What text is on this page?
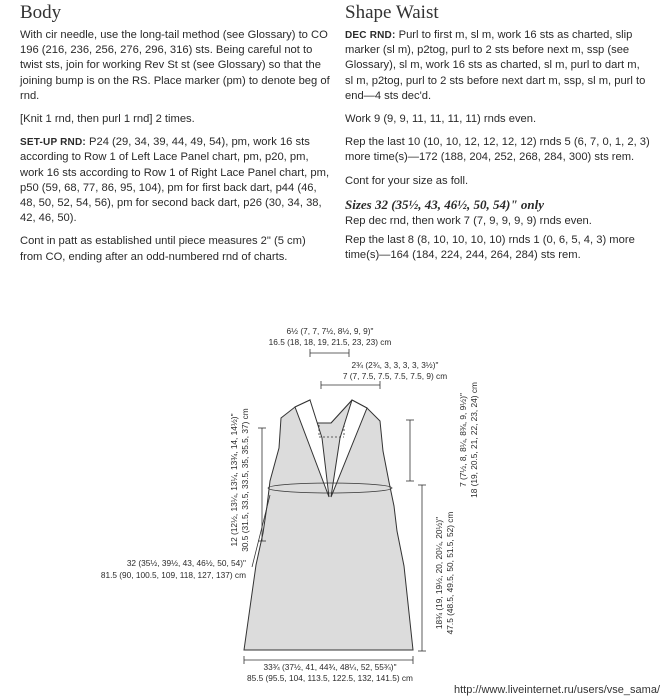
Body

With cir needle, use the long-tail method (see Glossary) to CO 196 (216, 236, 256, 276, 296, 316) sts. Being careful not to twist sts, join for working Rev St st (see Glossary) so that the joining bump is on the RS. Place marker (pm) to denote beg of rnd.

[Knit 1 rnd, then purl 1 rnd] 2 times.

SET-UP RND: P24 (29, 34, 39, 44, 49, 54), pm, work 16 sts according to Row 1 of Left Lace Panel chart, pm, p20, pm, work 16 sts according to Row 1 of Right Lace Panel chart, pm, p50 (59, 68, 77, 86, 95, 104), pm for first back dart, p44 (46, 48, 50, 52, 54, 56), pm for second back dart, p26 (30, 34, 38, 42, 46, 50).

Cont in patt as established until piece measures 2" (5 cm) from CO, ending after an odd-numbered rnd of charts.

Shape Waist

DEC RND: Purl to first m, sl m, work 16 sts as charted, slip marker (sl m), p2tog, purl to 2 sts before next m, ssp (see Glossary), sl m, work 16 sts as charted, sl m, purl to dart m, sl m, p2tog, purl to 2 sts before next dart m, ssp, sl m, purl to end—4 sts dec'd.

Work 9 (9, 9, 11, 11, 11, 11) rnds even.

Rep the last 10 (10, 10, 12, 12, 12, 12) rnds 5 (6, 7, 0, 1, 2, 3) more time(s)—172 (188, 204, 252, 268, 284, 300) sts rem.

Cont for your size as foll.

Sizes 32 (35½, 43, 46½, 50, 54)" only

Rep dec rnd, then work 7 (7, 9, 9, 9, 9) rnds even.

Rep the last 8 (8, 10, 10, 10, 10) rnds 1 (0, 6, 5, 4, 3) more time(s)—164 (184, 224, 244, 264, 284) sts rem.

6½ (7, 7, 7½, 8½, 9, 9)"
16.5 (18, 18, 19, 21.5, 23, 23) cm
2¾ (2¾, 3, 3, 3, 3, 3½)"
7 (7, 7.5, 7.5, 7.5, 7.5, 9) cm
12 (12½, 13¼, 13¼, 13¾, 14, 14½)" 30.5 (31.5, 33.5, 33.5, 35, 35.5, 37) cm	7 (7½, 8, 8¼, 8¾, 9, 9½)" 18 (19, 20.5, 21, 22, 23, 24) cm
18¾ (19, 19½, 20, 20¼, 20½)" 47.5 (48.5, 49.5, 50, 51.5, 52) cm
32 (35½, 39½, 43, 46½, 50, 54)"
81.5 (90, 100.5, 109, 118, 127, 137) cm
33¾ (37½, 41, 44¾, 48¼, 52, 55¾)"
85.5 (95.5, 104, 113.5, 122.5, 132, 141.5) cm
http://www.liveinternet.ru/users/vse_sama/
